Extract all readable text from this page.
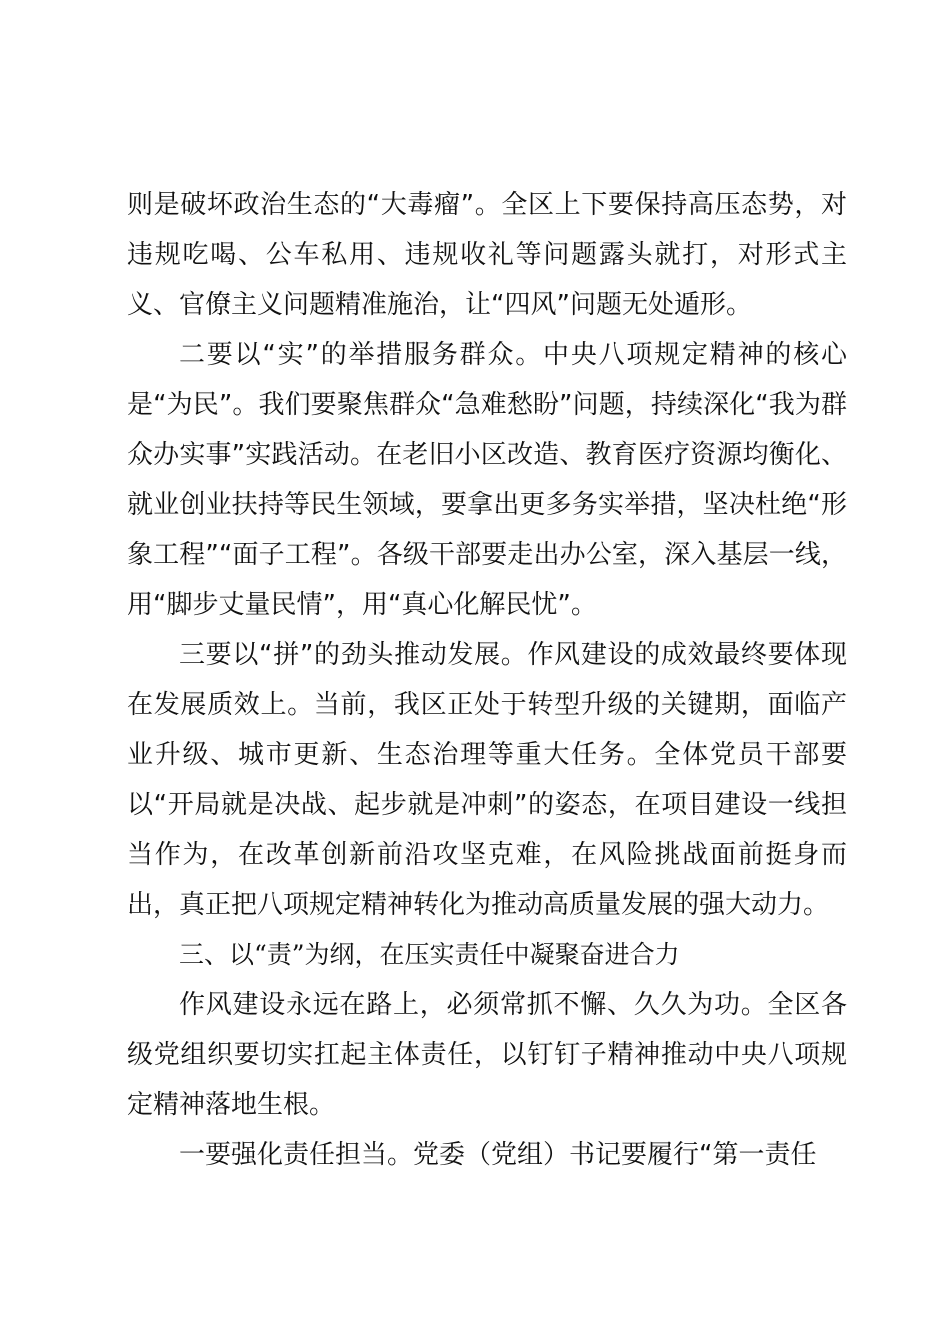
则是破坏政治生态的“大毒瘤”。全区上下要保持高压态势，对违规吃喝、公车私用、违规收礼等问题露头就打，对形式主义、官僚主义问题精准施治，让“四风”问题无处遁形。

二要以“实”的举措服务群众。中央八项规定精神的核心是“为民”。我们要聚焦群众“急难愁盼”问题，持续深化“我为群众办实事”实践活动。在老旧小区改造、教育医疗资源均衡化、就业创业扶持等民生领域，要拿出更多务实举措，坚决杜绝“形象工程”“面子工程”。各级干部要走出办公室，深入基层一线，用“脚步丈量民情”，用“真心化解民忧”。

三要以“拼”的劲头推动发展。作风建设的成效最终要体现在发展质效上。当前，我区正处于转型升级的关键期，面临产业升级、城市更新、生态治理等重大任务。全体党员干部要以“开局就是决战、起步就是冲刺”的姿态，在项目建设一线担当作为，在改革创新前沿攻坚克难，在风险挑战面前挺身而出，真正把八项规定精神转化为推动高质量发展的强大动力。

三、以“责”为纲，在压实责任中凝聚奋进合力

作风建设永远在路上，必须常抓不懈、久久为功。全区各级党组织要切实扛起主体责任，以钉钉子精神推动中央八项规定精神落地生根。

一要强化责任担当。党委（党组）书记要履行“第一责任
